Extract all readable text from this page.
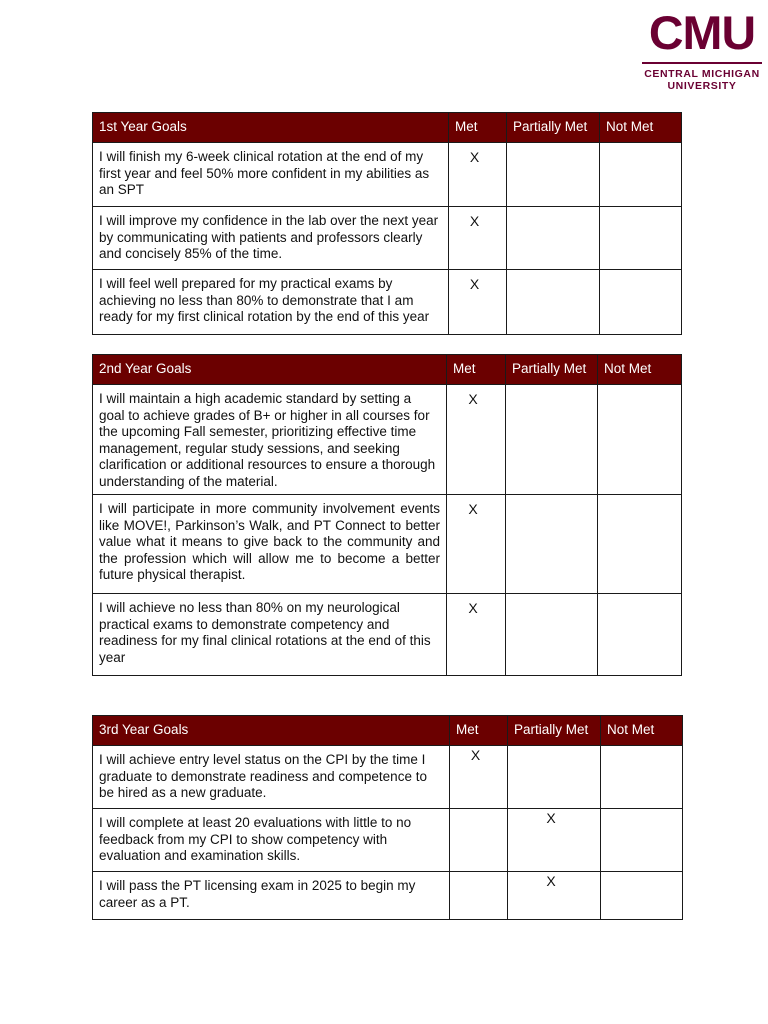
CMU
CENTRAL MICHIGAN
UNIVERSITY
1st Year Goals	Met	Partially Met	Not Met
I will finish my 6-week clinical rotation at the end of my first year and feel 50% more confident in my abilities as an SPT	X		
I will improve my confidence in the lab over the next year by communicating with patients and professors clearly and concisely 85% of the time.	X		
I will feel well prepared for my practical exams by achieving no less than 80% to demonstrate that I am ready for my first clinical rotation by the end of this year	X		
2nd Year Goals	Met	Partially Met	Not Met
I will maintain a high academic standard by setting a goal to achieve grades of B+ or higher in all courses for the upcoming Fall semester, prioritizing effective time management, regular study sessions, and seeking clarification or additional resources to ensure a thorough understanding of the material.	X		
I will participate in more community involvement events like MOVE!, Parkinson’s Walk, and PT Connect to better value what it means to give back to the community and the profession which will allow me to become a better future physical therapist.	X		
I will achieve no less than 80% on my neurological practical exams to demonstrate competency and readiness for my final clinical rotations at the end of this year	X		
3rd Year Goals	Met	Partially Met	Not Met
I will achieve entry level status on the CPI by the time I graduate to demonstrate readiness and competence to be hired as a new graduate.	X		
I will complete at least 20 evaluations with little to no feedback from my CPI to show competency with evaluation and examination skills.		X	
I will pass the PT licensing exam in 2025 to begin my career as a PT.		X	
